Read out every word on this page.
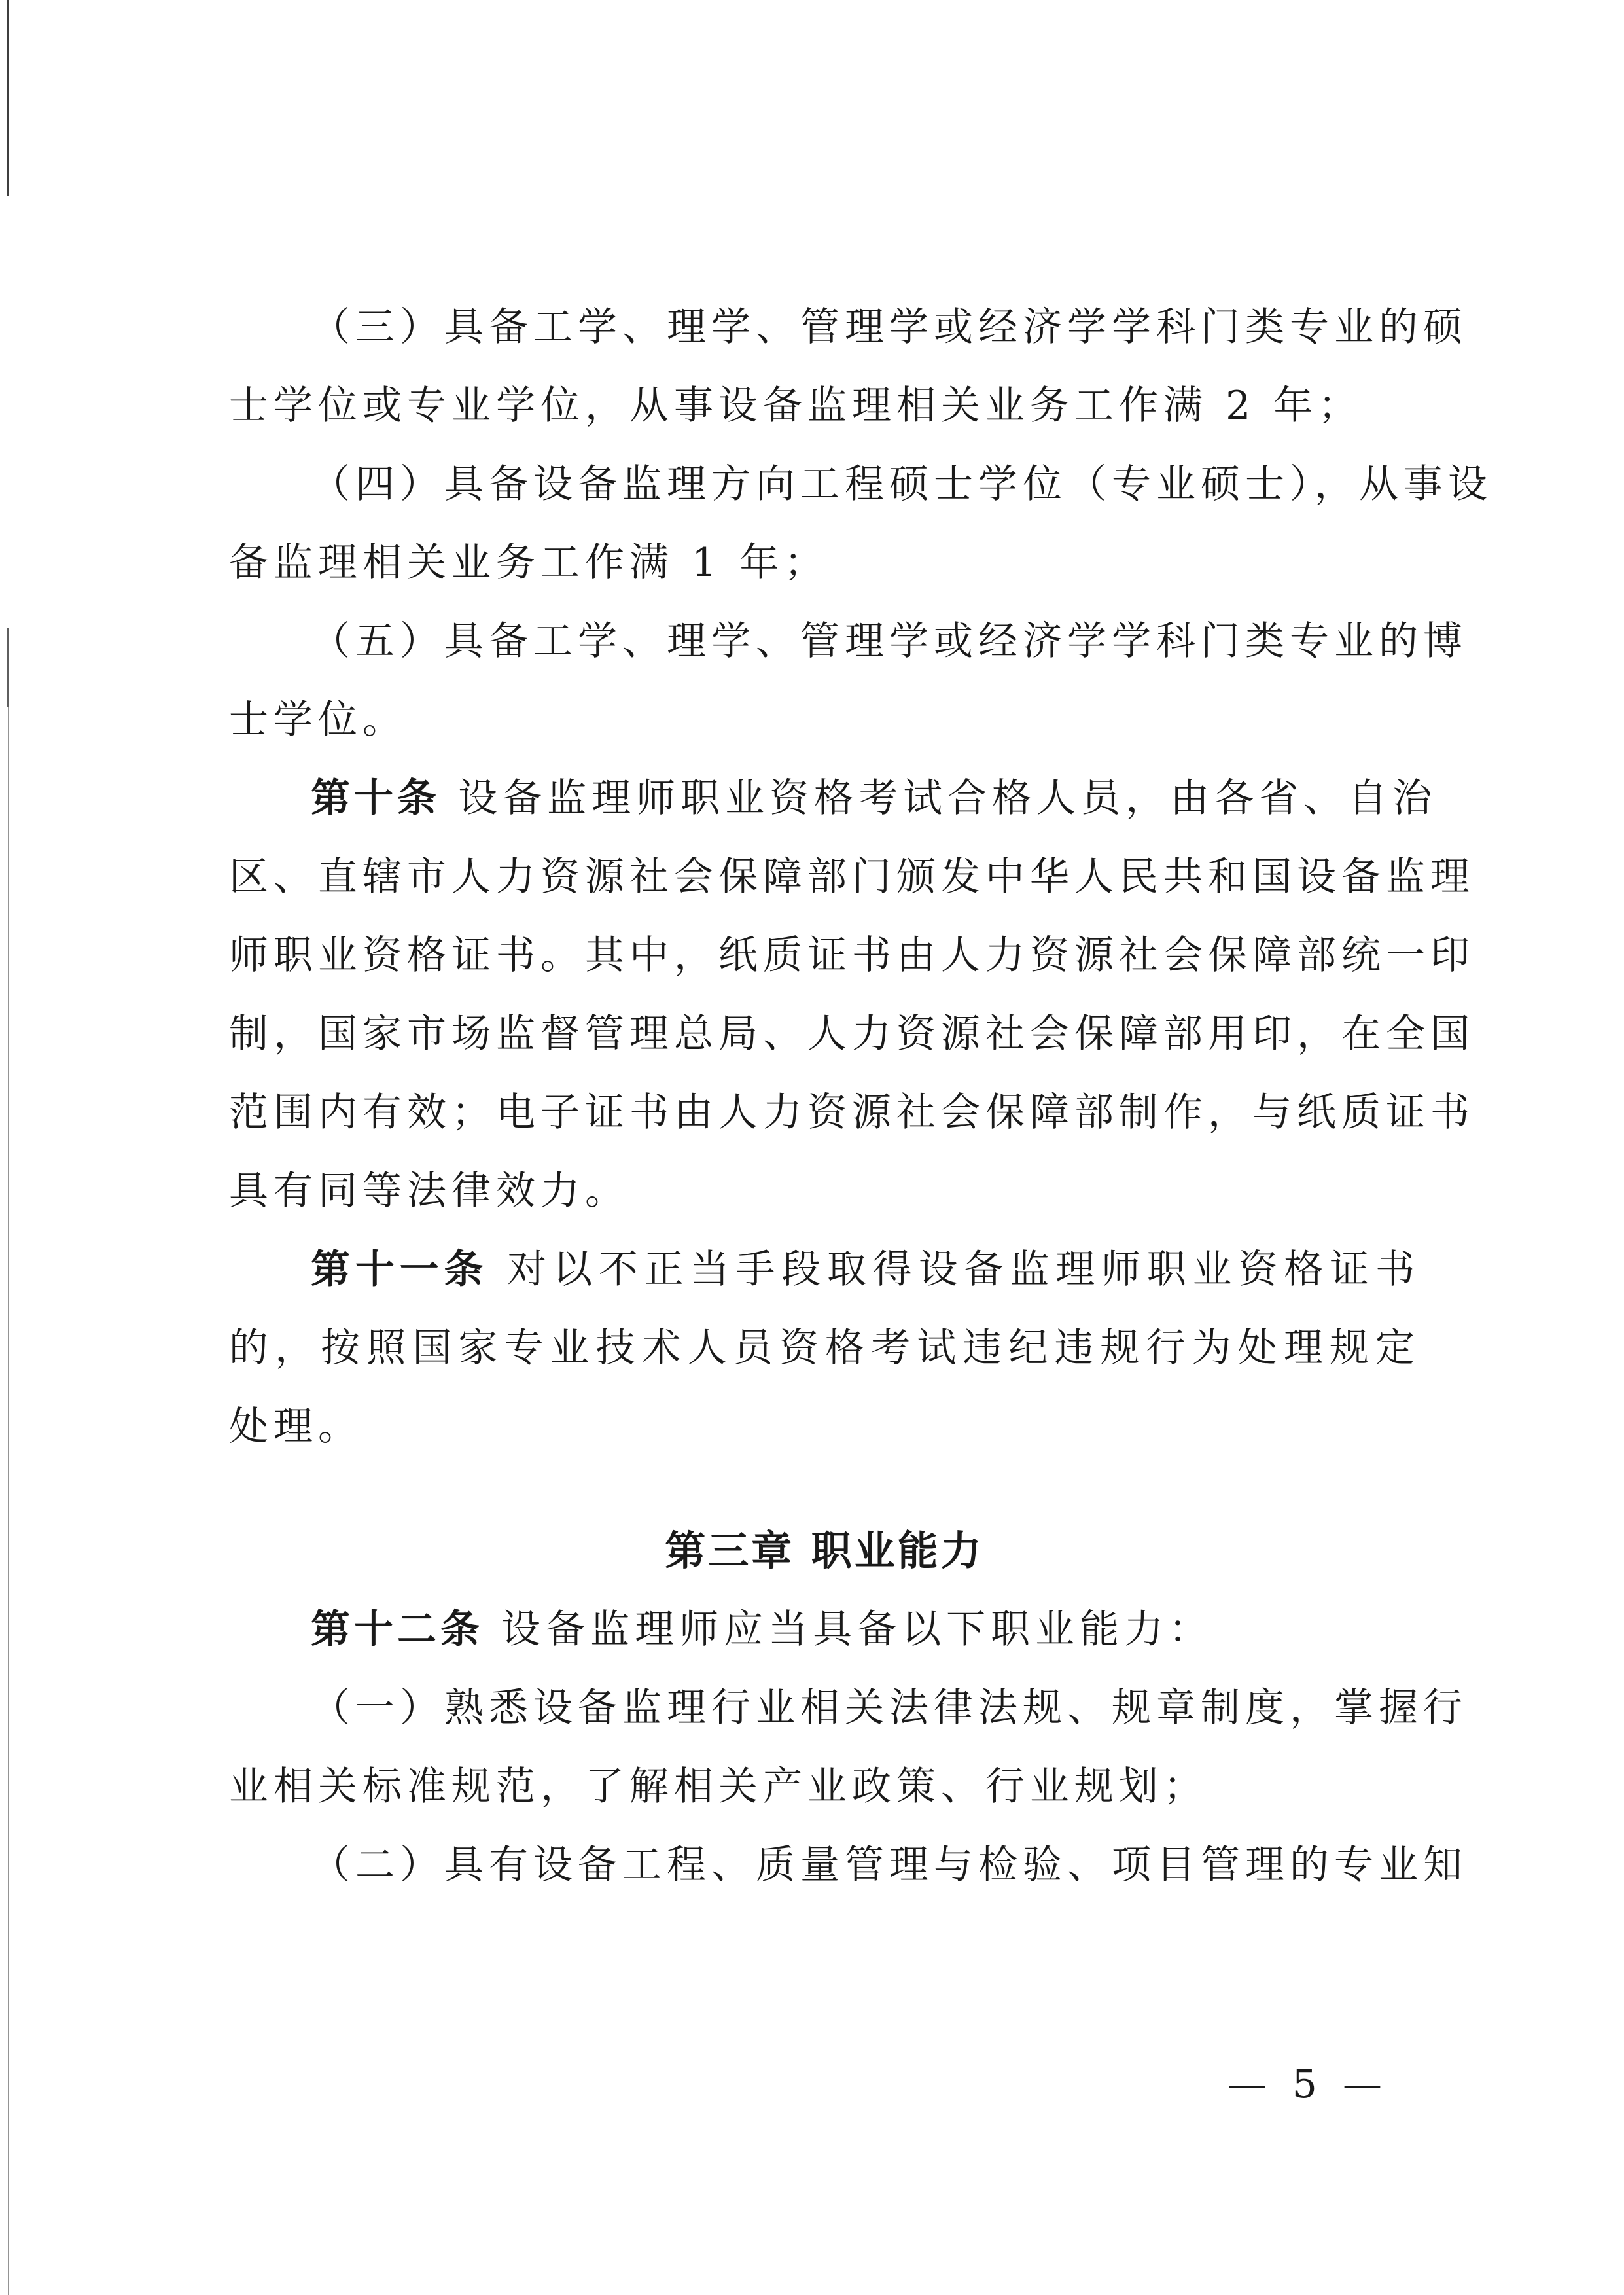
（三）具备工学、理学、管理学或经济学学科门类专业的硕
士学位或专业学位，从事设备监理相关业务工作满 2 年；
（四）具备设备监理方向工程硕士学位（专业硕士），从事设
备监理相关业务工作满 1 年；
（五）具备工学、理学、管理学或经济学学科门类专业的博
士学位。
第十条 设备监理师职业资格考试合格人员，由各省、自治
区、直辖市人力资源社会保障部门颁发中华人民共和国设备监理
师职业资格证书。其中，纸质证书由人力资源社会保障部统一印
制，国家市场监督管理总局、人力资源社会保障部用印，在全国
范围内有效；电子证书由人力资源社会保障部制作，与纸质证书
具有同等法律效力。
第十一条 对以不正当手段取得设备监理师职业资格证书
的，按照国家专业技术人员资格考试违纪违规行为处理规定
处理。
第三章 职业能力
第十二条 设备监理师应当具备以下职业能力：
（一）熟悉设备监理行业相关法律法规、规章制度，掌握行
业相关标准规范，了解相关产业政策、行业规划；
（二）具有设备工程、质量管理与检验、项目管理的专业知
— 5 —
